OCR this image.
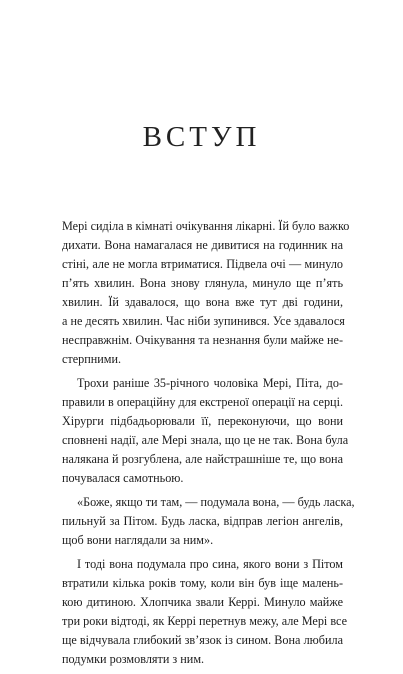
ВСТУП
Мері сиділа в кімнаті очікування лікарні. Їй було важко
дихати. Вона намагалася не дивитися на годинник на
стіні, але не могла втриматися. Підвела очі — минуло
п’ять хвилин. Вона знову глянула, минуло ще п’ять
хвилин. Їй здавалося, що вона вже тут дві години,
а не десять хвилин. Час ніби зупинився. Усе здавалося
несправжнім. Очікування та незнання були майже не-
стерпними.
Трохи раніше 35-річного чоловіка Мері, Піта, до-
правили в операційну для екстреної операції на серці.
Хірурги підбадьорювали її, переконуючи, що вони
сповнені надії, але Мері знала, що це не так. Вона була
налякана й розгублена, але найстрашніше те, що вона
почувалася самотньою.
«Боже, якщо ти там, — подумала вона, — будь ласка,
пильнуй за Пітом. Будь ласка, відправ легіон ангелів,
щоб вони наглядали за ним».
І тоді вона подумала про сина, якого вони з Пітом
втратили кілька років тому, коли він був іще малень-
кою дитиною. Хлопчика звали Керрі. Минуло майже
три роки відтоді, як Керрі перетнув межу, але Мері все
ще відчувала глибокий зв’язок із сином. Вона любила
подумки розмовляти з ним.
